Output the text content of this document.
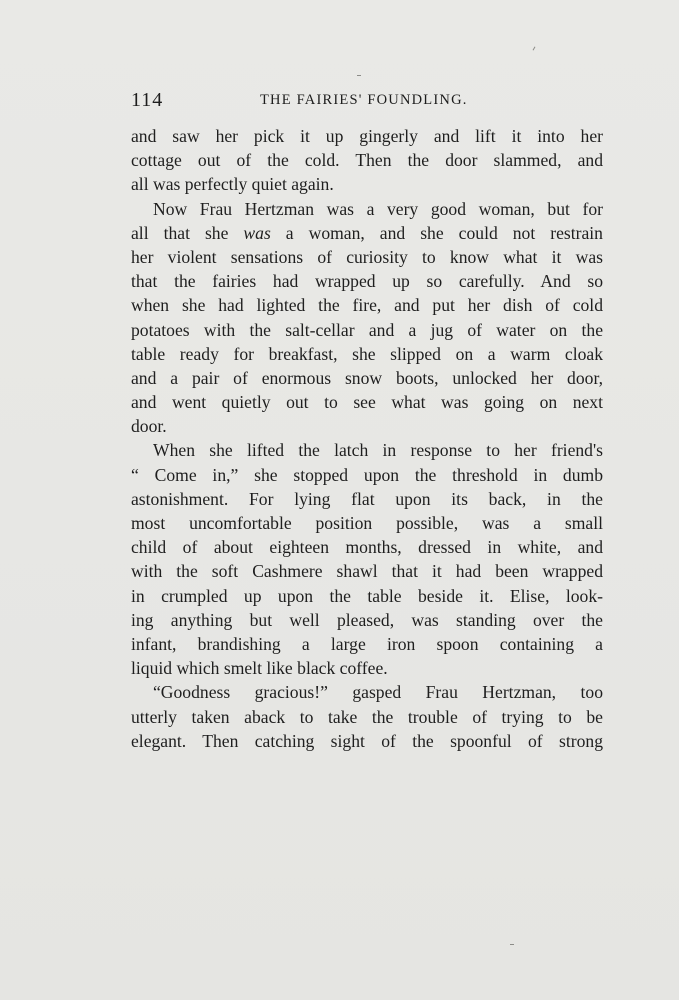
114	THE FAIRIES' FOUNDLING.
and saw her pick it up gingerly and lift it into her
cottage out of the cold. Then the door slammed, and
all was perfectly quiet again.
Now Frau Hertzman was a very good woman, but for
all that she was a woman, and she could not restrain
her violent sensations of curiosity to know what it was
that the fairies had wrapped up so carefully. And so
when she had lighted the fire, and put her dish of cold
potatoes with the salt-cellar and a jug of water on the
table ready for breakfast, she slipped on a warm cloak
and a pair of enormous snow boots, unlocked her door,
and went quietly out to see what was going on next
door.
When she lifted the latch in response to her friend's
“ Come in,” she stopped upon the threshold in dumb
astonishment. For lying flat upon its back, in the
most uncomfortable position possible, was a small
child of about eighteen months, dressed in white, and
with the soft Cashmere shawl that it had been wrapped
in crumpled up upon the table beside it. Elise, look-
ing anything but well pleased, was standing over the
infant, brandishing a large iron spoon containing a
liquid which smelt like black coffee.
“Goodness gracious!” gasped Frau Hertzman, too
utterly taken aback to take the trouble of trying to be
elegant. Then catching sight of the spoonful of strong
